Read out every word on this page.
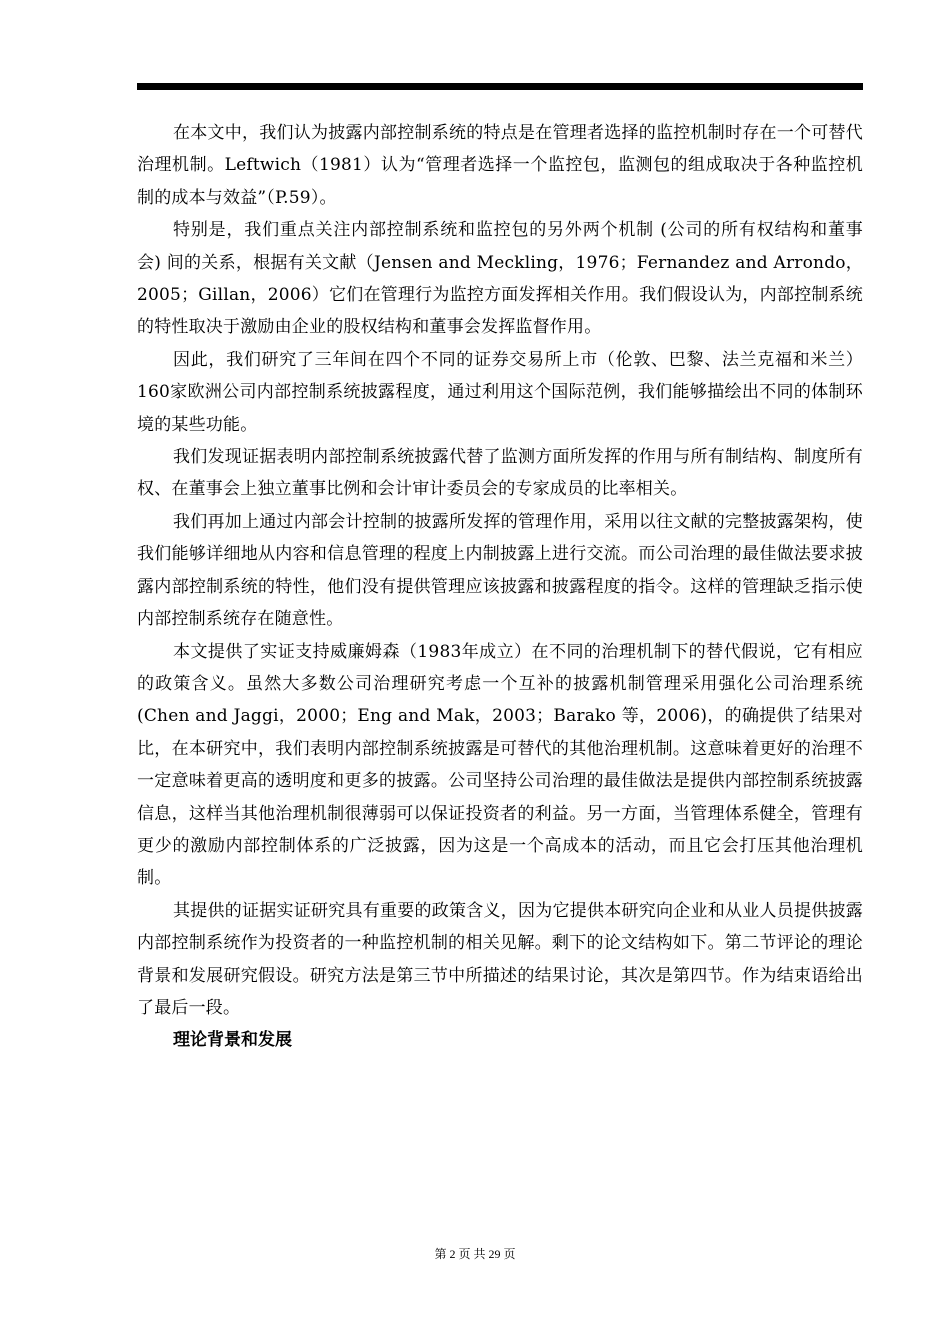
在本文中，我们认为披露内部控制系统的特点是在管理者选择的监控机制时存在一个可替代治理机制。Leftwich（1981）认为“管理者选择一个监控包，监测包的组成取决于各种监控机制的成本与效益”（P.59）。

特别是，我们重点关注内部控制系统和监控包的另外两个机制 (公司的所有权结构和董事会) 间的关系，根据有关文献（Jensen and Meckling，1976；Fernandez and Arrondo，2005；Gillan，2006）它们在管理行为监控方面发挥相关作用。我们假设认为，内部控制系统的特性取决于激励由企业的股权结构和董事会发挥监督作用。

因此，我们研究了三年间在四个不同的证券交易所上市（伦敦、巴黎、法兰克福和米兰）160家欧洲公司内部控制系统披露程度，通过利用这个国际范例，我们能够描绘出不同的体制环境的某些功能。

我们发现证据表明内部控制系统披露代替了监测方面所发挥的作用与所有制结构、制度所有权、在董事会上独立董事比例和会计审计委员会的专家成员的比率相关。

我们再加上通过内部会计控制的披露所发挥的管理作用，采用以往文献的完整披露架构，使我们能够详细地从内容和信息管理的程度上内制披露上进行交流。而公司治理的最佳做法要求披露内部控制系统的特性，他们没有提供管理应该披露和披露程度的指令。这样的管理缺乏指示使内部控制系统存在随意性。

本文提供了实证支持威廉姆森（1983年成立）在不同的治理机制下的替代假说，它有相应的政策含义。虽然大多数公司治理研究考虑一个互补的披露机制管理采用强化公司治理系统(Chen and Jaggi，2000；Eng and Mak，2003；Barako 等，2006)，的确提供了结果对比，在本研究中，我们表明内部控制系统披露是可替代的其他治理机制。这意味着更好的治理不一定意味着更高的透明度和更多的披露。公司坚持公司治理的最佳做法是提供内部控制系统披露信息，这样当其他治理机制很薄弱可以保证投资者的利益。另一方面，当管理体系健全，管理有更少的激励内部控制体系的广泛披露，因为这是一个高成本的活动，而且它会打压其他治理机制。

其提供的证据实证研究具有重要的政策含义，因为它提供本研究向企业和从业人员提供披露内部控制系统作为投资者的一种监控机制的相关见解。剩下的论文结构如下。第二节评论的理论背景和发展研究假设。研究方法是第三节中所描述的结果讨论，其次是第四节。作为结束语给出了最后一段。

理论背景和发展

第 2 页 共 29 页
